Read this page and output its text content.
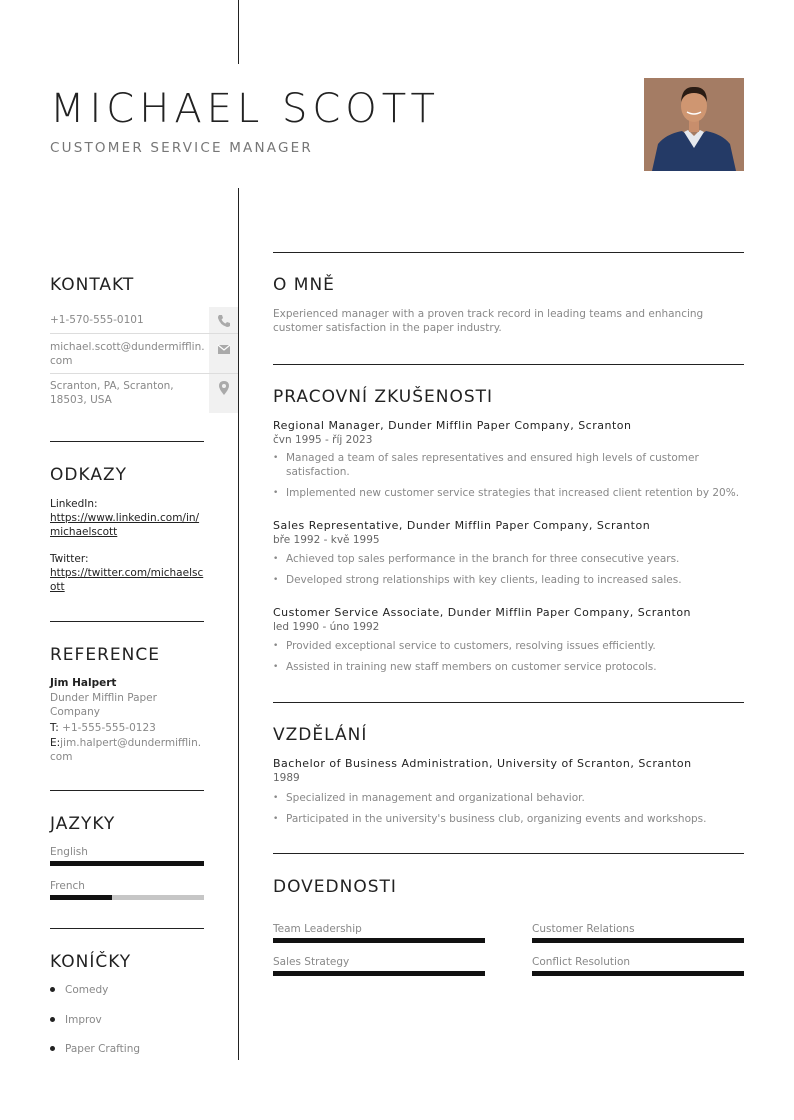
MICHAEL SCOTT
CUSTOMER SERVICE MANAGER
KONTAKT
+1-570-555-0101
michael.scott@dundermifflin.com
Scranton, PA, Scranton, 18503, USA
ODKAZY
LinkedIn:
https://www.linkedin.com/in/michaelscott
Twitter:
https://twitter.com/michaelscott
REFERENCE
Jim Halpert
Dunder Mifflin Paper Company
T: +1-555-555-0123
E:jim.halpert@dundermifflin.com
JAZYKY
English
French
KONÍČKY
Comedy
Improv
Paper Crafting
O MNĚ
Experienced manager with a proven track record in leading teams and enhancing customer satisfaction in the paper industry.
PRACOVNÍ ZKUŠENOSTI
Regional Manager, Dunder Mifflin Paper Company, Scranton
čvn 1995 - říj 2023
• Managed a team of sales representatives and ensured high levels of customer satisfaction.
• Implemented new customer service strategies that increased client retention by 20%.
Sales Representative, Dunder Mifflin Paper Company, Scranton
bře 1992 - kvě 1995
• Achieved top sales performance in the branch for three consecutive years.
• Developed strong relationships with key clients, leading to increased sales.
Customer Service Associate, Dunder Mifflin Paper Company, Scranton
led 1990 - úno 1992
• Provided exceptional service to customers, resolving issues efficiently.
• Assisted in training new staff members on customer service protocols.
VZDĚLÁNÍ
Bachelor of Business Administration, University of Scranton, Scranton
1989
• Specialized in management and organizational behavior.
• Participated in the university's business club, organizing events and workshops.
DOVEDNOSTI
Team Leadership	Customer Relations
Sales Strategy	Conflict Resolution
